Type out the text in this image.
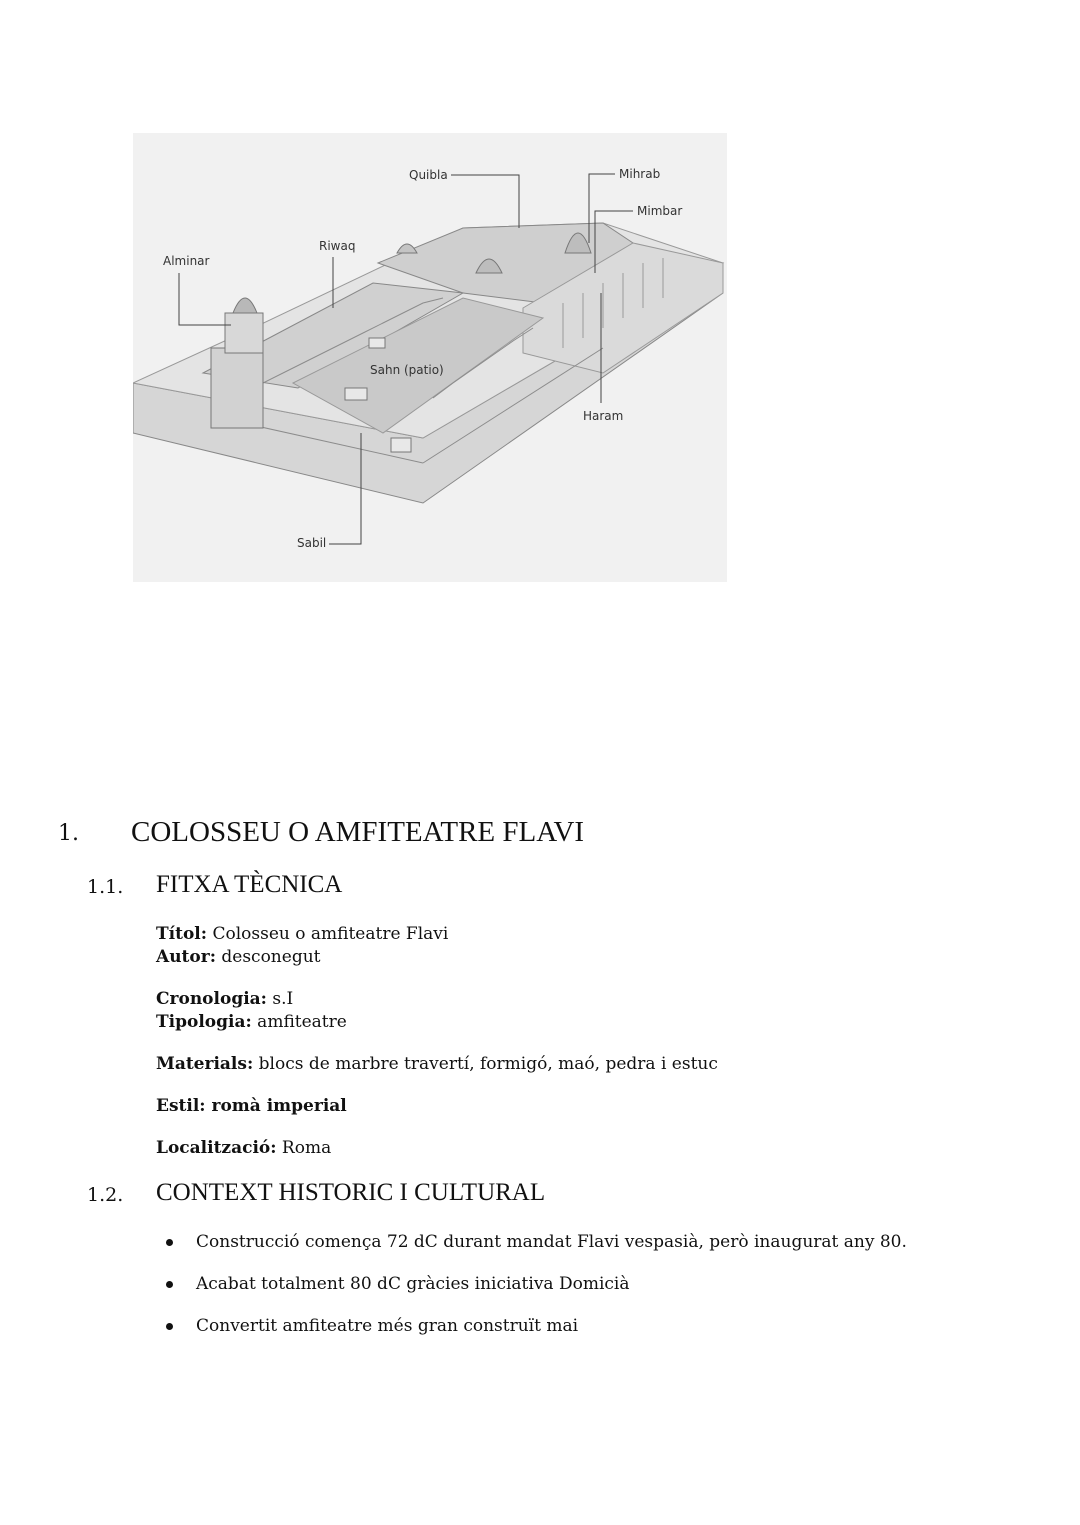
Quibla	Mihrab
Mimbar
Riwaq
Alminar
Sahn (patio)
Haram
Sabil
1. COLOSSEU O AMFITEATRE FLAVI
1.1. FITXA TÈCNICA
Títol: Colosseu o amfiteatre Flavi
Autor: desconegut
Cronologia: s.I
Tipologia: amfiteatre
Materials: blocs de marbre travertí, formigó, maó, pedra i estuc
Estil: romà imperial
Localització: Roma
1.2. CONTEXT HISTORIC I CULTURAL
Construcció comença 72 dC durant mandat Flavi vespasià, però inaugurat any 80.
Acabat totalment 80 dC gràcies iniciativa Domicià
Convertit amfiteatre més gran construït mai
